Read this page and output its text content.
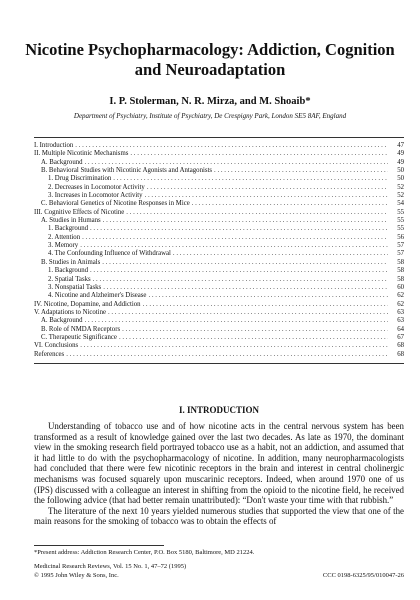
Nicotine Psychopharmacology: Addiction, Cognition
and Neuroadaptation
I. P. Stolerman, N. R. Mirza, and M. Shoaib*
Department of Psychiatry, Institute of Psychiatry, De Crespigny Park, London SE5 8AF, England
I. Introduction . . .	47
II. Multiple Nicotinic Mechanisms . . .	49
A. Background . . .	49
B. Behavioral Studies with Nicotinic Agonists and Antagonists . . .	50
1. Drug Discrimination . . .	50
2. Decreases in Locomotor Activity . . .	52
3. Increases in Locomotor Activity . . .	52
C. Behavioral Genetics of Nicotine Responses in Mice . . .	54
III. Cognitive Effects of Nicotine . . .	55
A. Studies in Humans . . .	55
1. Background . . .	55
2. Attention . . .	56
3. Memory . . .	57
4. The Confounding Influence of Withdrawal . . .	57
B. Studies in Animals . . .	58
1. Background . . .	58
2. Spatial Tasks . . .	58
3. Nonspatial Tasks . . .	60
4. Nicotine and Alzheimer's Disease . . .	62
IV. Nicotine, Dopamine, and Addiction . . .	62
V. Adaptations to Nicotine . . .	63
A. Background . . .	63
B. Role of NMDA Receptors . . .	64
C. Therapeutic Significance . . .	67
VI. Conclusions . . .	68
References . . .	68
I. INTRODUCTION

Understanding of tobacco use and of how nicotine acts in the central nervous system has been transformed as a result of knowledge gained over the last two decades. As late as 1970, the dominant view in the smoking research field portrayed tobacco use as a habit, not an addiction, and assumed that it had little to do with the psychopharmacology of nicotine. In addition, many neuropharmacologists had concluded that there were few nicotinic receptors in the brain and interest in central cholinergic mechanisms was focused squarely upon muscarinic receptors. Indeed, when around 1970 one of us (IPS) discussed with a colleague an interest in shifting from the opioid to the nicotine field, he received the following advice (that had better remain unattributed): “Don't waste your time with that rubbish.”

The literature of the next 10 years yielded numerous studies that supported the view that one of the main reasons for the smoking of tobacco was to obtain the effects of

*Present address: Addiction Research Center, P.O. Box 5180, Baltimore, MD 21224.
Medicinal Research Reviews, Vol. 15 No. 1, 47–72 (1995)
© 1995 John Wiley & Sons, Inc.	CCC 0198-6325/95/010047-26
